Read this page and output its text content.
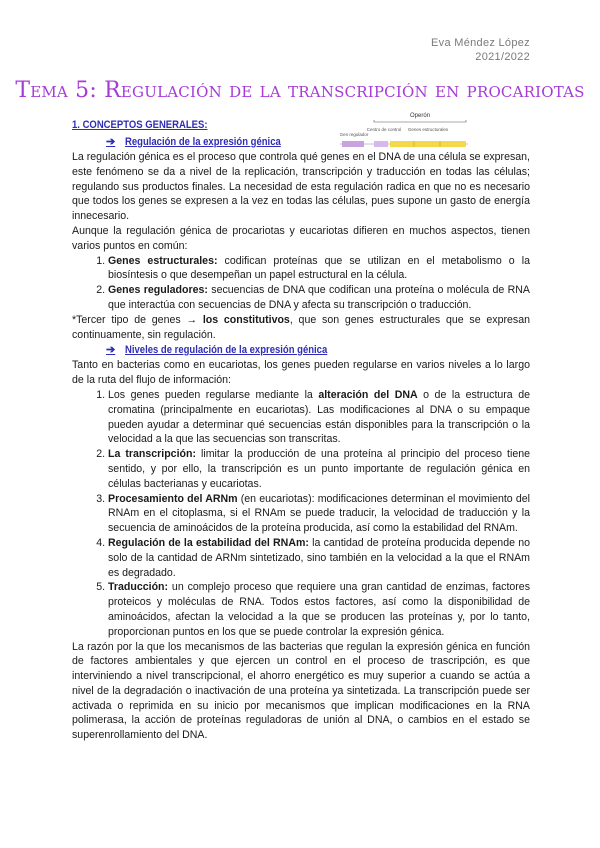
Eva Méndez López
2021/2022
Tema 5: Regulación de la transcripción en procariotas
Operón
Gen regulador
Centro de control Genes estructurales
1. CONCEPTOS GENERALES:
➔ Regulación de la expresión génica

La regulación génica es el proceso que controla qué genes en el DNA de una célula se expresan, este fenómeno se da a nivel de la replicación, transcripción y traducción en todas las células; regulando sus productos finales. La necesidad de esta regulación radica en que no es necesario que todos los genes se expresen a la vez en todas las células, pues supone un gasto de energía innecesario.

Aunque la regulación génica de procariotas y eucariotas difieren en muchos aspectos, tienen varios puntos en común:

1. Genes estructurales: codifican proteínas que se utilizan en el metabolismo o la biosíntesis o que desempeñan un papel estructural en la célula.
2. Genes reguladores: secuencias de DNA que codifican una proteína o molécula de RNA que interactúa con secuencias de DNA y afecta su transcripción o traducción.

*Tercer tipo de genes → los constitutivos, que son genes estructurales que se expresan continuamente, sin regulación.

➔ Niveles de regulación de la expresión génica

Tanto en bacterias como en eucariotas, los genes pueden regularse en varios niveles a lo largo de la ruta del flujo de información:

1. Los genes pueden regularse mediante la alteración del DNA o de la estructura de cromatina (principalmente en eucariotas). Las modificaciones al DNA o su empaque pueden ayudar a determinar qué secuencias están disponibles para la transcripción o la velocidad a la que las secuencias son transcritas.
2. La transcripción: limitar la producción de una proteína al principio del proceso tiene sentido, y por ello, la transcripción es un punto importante de regulación génica en células bacterianas y eucariotas.
3. Procesamiento del ARNm (en eucariotas): modificaciones determinan el movimiento del RNAm en el citoplasma, si el RNAm se puede traducir, la velocidad de traducción y la secuencia de aminoácidos de la proteína producida, así como la estabilidad del RNAm.
4. Regulación de la estabilidad del RNAm: la cantidad de proteína producida depende no solo de la cantidad de ARNm sintetizado, sino también en la velocidad a la que el RNAm es degradado.
5. Traducción: un complejo proceso que requiere una gran cantidad de enzimas, factores proteicos y moléculas de RNA. Todos estos factores, así como la disponibilidad de aminoácidos, afectan la velocidad a la que se producen las proteínas y, por lo tanto, proporcionan puntos en los que se puede controlar la expresión génica.

La razón por la que los mecanismos de las bacterias que regulan la expresión génica en función de factores ambientales y que ejercen un control en el proceso de trascripción, es que interviniendo a nivel transcripcional, el ahorro energético es muy superior a cuando se actúa a nivel de la degradación o inactivación de una proteína ya sintetizada. La transcripción puede ser activada o reprimida en su inicio por mecanismos que implican modificaciones en la RNA polimerasa, la acción de proteínas reguladoras de unión al DNA, o cambios en el estado se superenrollamiento del DNA.
